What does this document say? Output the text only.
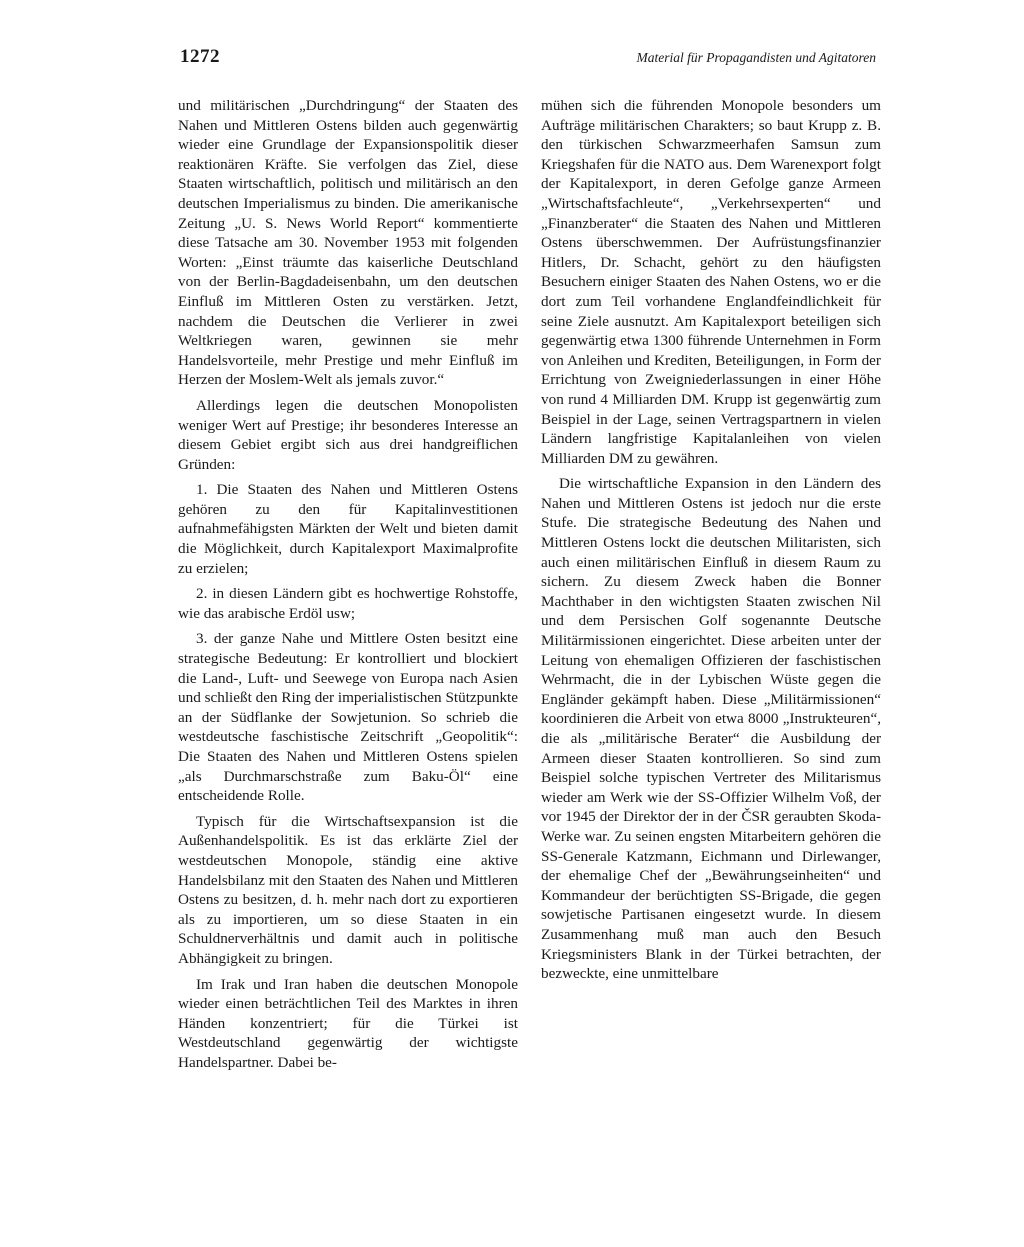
1272	Material für Propagandisten und Agitatoren

und militärischen „Durchdringung“ der Staaten des Nahen und Mittleren Ostens bilden auch gegenwärtig wieder eine Grundlage der Expansionspolitik dieser reaktionären Kräfte. Sie verfolgen das Ziel, diese Staaten wirtschaftlich, politisch und militärisch an den deutschen Imperialismus zu binden. Die amerikanische Zeitung „U. S. News World Report“ kommentierte diese Tatsache am 30. November 1953 mit folgenden Worten: „Einst träumte das kaiserliche Deutschland von der Berlin-Bagdadeisenbahn, um den deutschen Einfluß im Mittleren Osten zu verstärken. Jetzt, nachdem die Deutschen die Verlierer in zwei Weltkriegen waren, gewinnen sie mehr Handelsvorteile, mehr Prestige und mehr Einfluß im Herzen der Moslem-Welt als jemals zuvor.“

Allerdings legen die deutschen Monopolisten weniger Wert auf Prestige; ihr besonderes Interesse an diesem Gebiet ergibt sich aus drei handgreiflichen Gründen:

1. Die Staaten des Nahen und Mittleren Ostens gehören zu den für Kapitalinvestitionen aufnahmefähigsten Märkten der Welt und bieten damit die Möglichkeit, durch Kapitalexport Maximalprofite zu erzielen;

2. in diesen Ländern gibt es hochwertige Rohstoffe, wie das arabische Erdöl usw;

3. der ganze Nahe und Mittlere Osten besitzt eine strategische Bedeutung: Er kontrolliert und blockiert die Land-, Luft- und Seewege von Europa nach Asien und schließt den Ring der imperialistischen Stützpunkte an der Südflanke der Sowjetunion. So schrieb die westdeutsche faschistische Zeitschrift „Geopolitik“: Die Staaten des Nahen und Mittleren Ostens spielen „als Durchmarschstraße zum Baku-Öl“ eine entscheidende Rolle.

Typisch für die Wirtschaftsexpansion ist die Außenhandelspolitik. Es ist das erklärte Ziel der westdeutschen Monopole, ständig eine aktive Handelsbilanz mit den Staaten des Nahen und Mittleren Ostens zu besitzen, d. h. mehr nach dort zu exportieren als zu importieren, um so diese Staaten in ein Schuldnerverhältnis und damit auch in politische Abhängigkeit zu bringen.

Im Irak und Iran haben die deutschen Monopole wieder einen beträchtlichen Teil des Marktes in ihren Händen konzentriert; für die Türkei ist Westdeutschland gegenwärtig der wichtigste Handelspartner. Dabei be-

mühen sich die führenden Monopole besonders um Aufträge militärischen Charakters; so baut Krupp z. B. den türkischen Schwarzmeerhafen Samsun zum Kriegshafen für die NATO aus. Dem Warenexport folgt der Kapitalexport, in deren Gefolge ganze Armeen „Wirtschaftsfachleute“, „Verkehrsexperten“ und „Finanzberater“ die Staaten des Nahen und Mittleren Ostens überschwemmen. Der Aufrüstungsfinanzier Hitlers, Dr. Schacht, gehört zu den häufigsten Besuchern einiger Staaten des Nahen Ostens, wo er die dort zum Teil vorhandene Englandfeindlichkeit für seine Ziele ausnutzt. Am Kapitalexport beteiligen sich gegenwärtig etwa 1300 führende Unternehmen in Form von Anleihen und Krediten, Beteiligungen, in Form der Errichtung von Zweigniederlassungen in einer Höhe von rund 4 Milliarden DM. Krupp ist gegenwärtig zum Beispiel in der Lage, seinen Vertragspartnern in vielen Ländern langfristige Kapitalanleihen von vielen Milliarden DM zu gewähren.

Die wirtschaftliche Expansion in den Ländern des Nahen und Mittleren Ostens ist jedoch nur die erste Stufe. Die strategische Bedeutung des Nahen und Mittleren Ostens lockt die deutschen Militaristen, sich auch einen militärischen Einfluß in diesem Raum zu sichern. Zu diesem Zweck haben die Bonner Machthaber in den wichtigsten Staaten zwischen Nil und dem Persischen Golf sogenannte Deutsche Militärmissionen eingerichtet. Diese arbeiten unter der Leitung von ehemaligen Offizieren der faschistischen Wehrmacht, die in der Lybischen Wüste gegen die Engländer gekämpft haben. Diese „Militärmissionen“ koordinieren die Arbeit von etwa 8000 „Instrukteuren“, die als „militärische Berater“ die Ausbildung der Armeen dieser Staaten kontrollieren. So sind zum Beispiel solche typischen Vertreter des Militarismus wieder am Werk wie der SS-Offizier Wilhelm Voß, der vor 1945 der Direktor der in der ČSR geraubten Skoda-Werke war. Zu seinen engsten Mitarbeitern gehören die SS-Generale Katzmann, Eichmann und Dirlewanger, der ehemalige Chef der „Bewährungseinheiten“ und Kommandeur der berüchtigten SS-Brigade, die gegen sowjetische Partisanen eingesetzt wurde. In diesem Zusammenhang muß man auch den Besuch Kriegsministers Blank in der Türkei betrachten, der bezweckte, eine unmittelbare
